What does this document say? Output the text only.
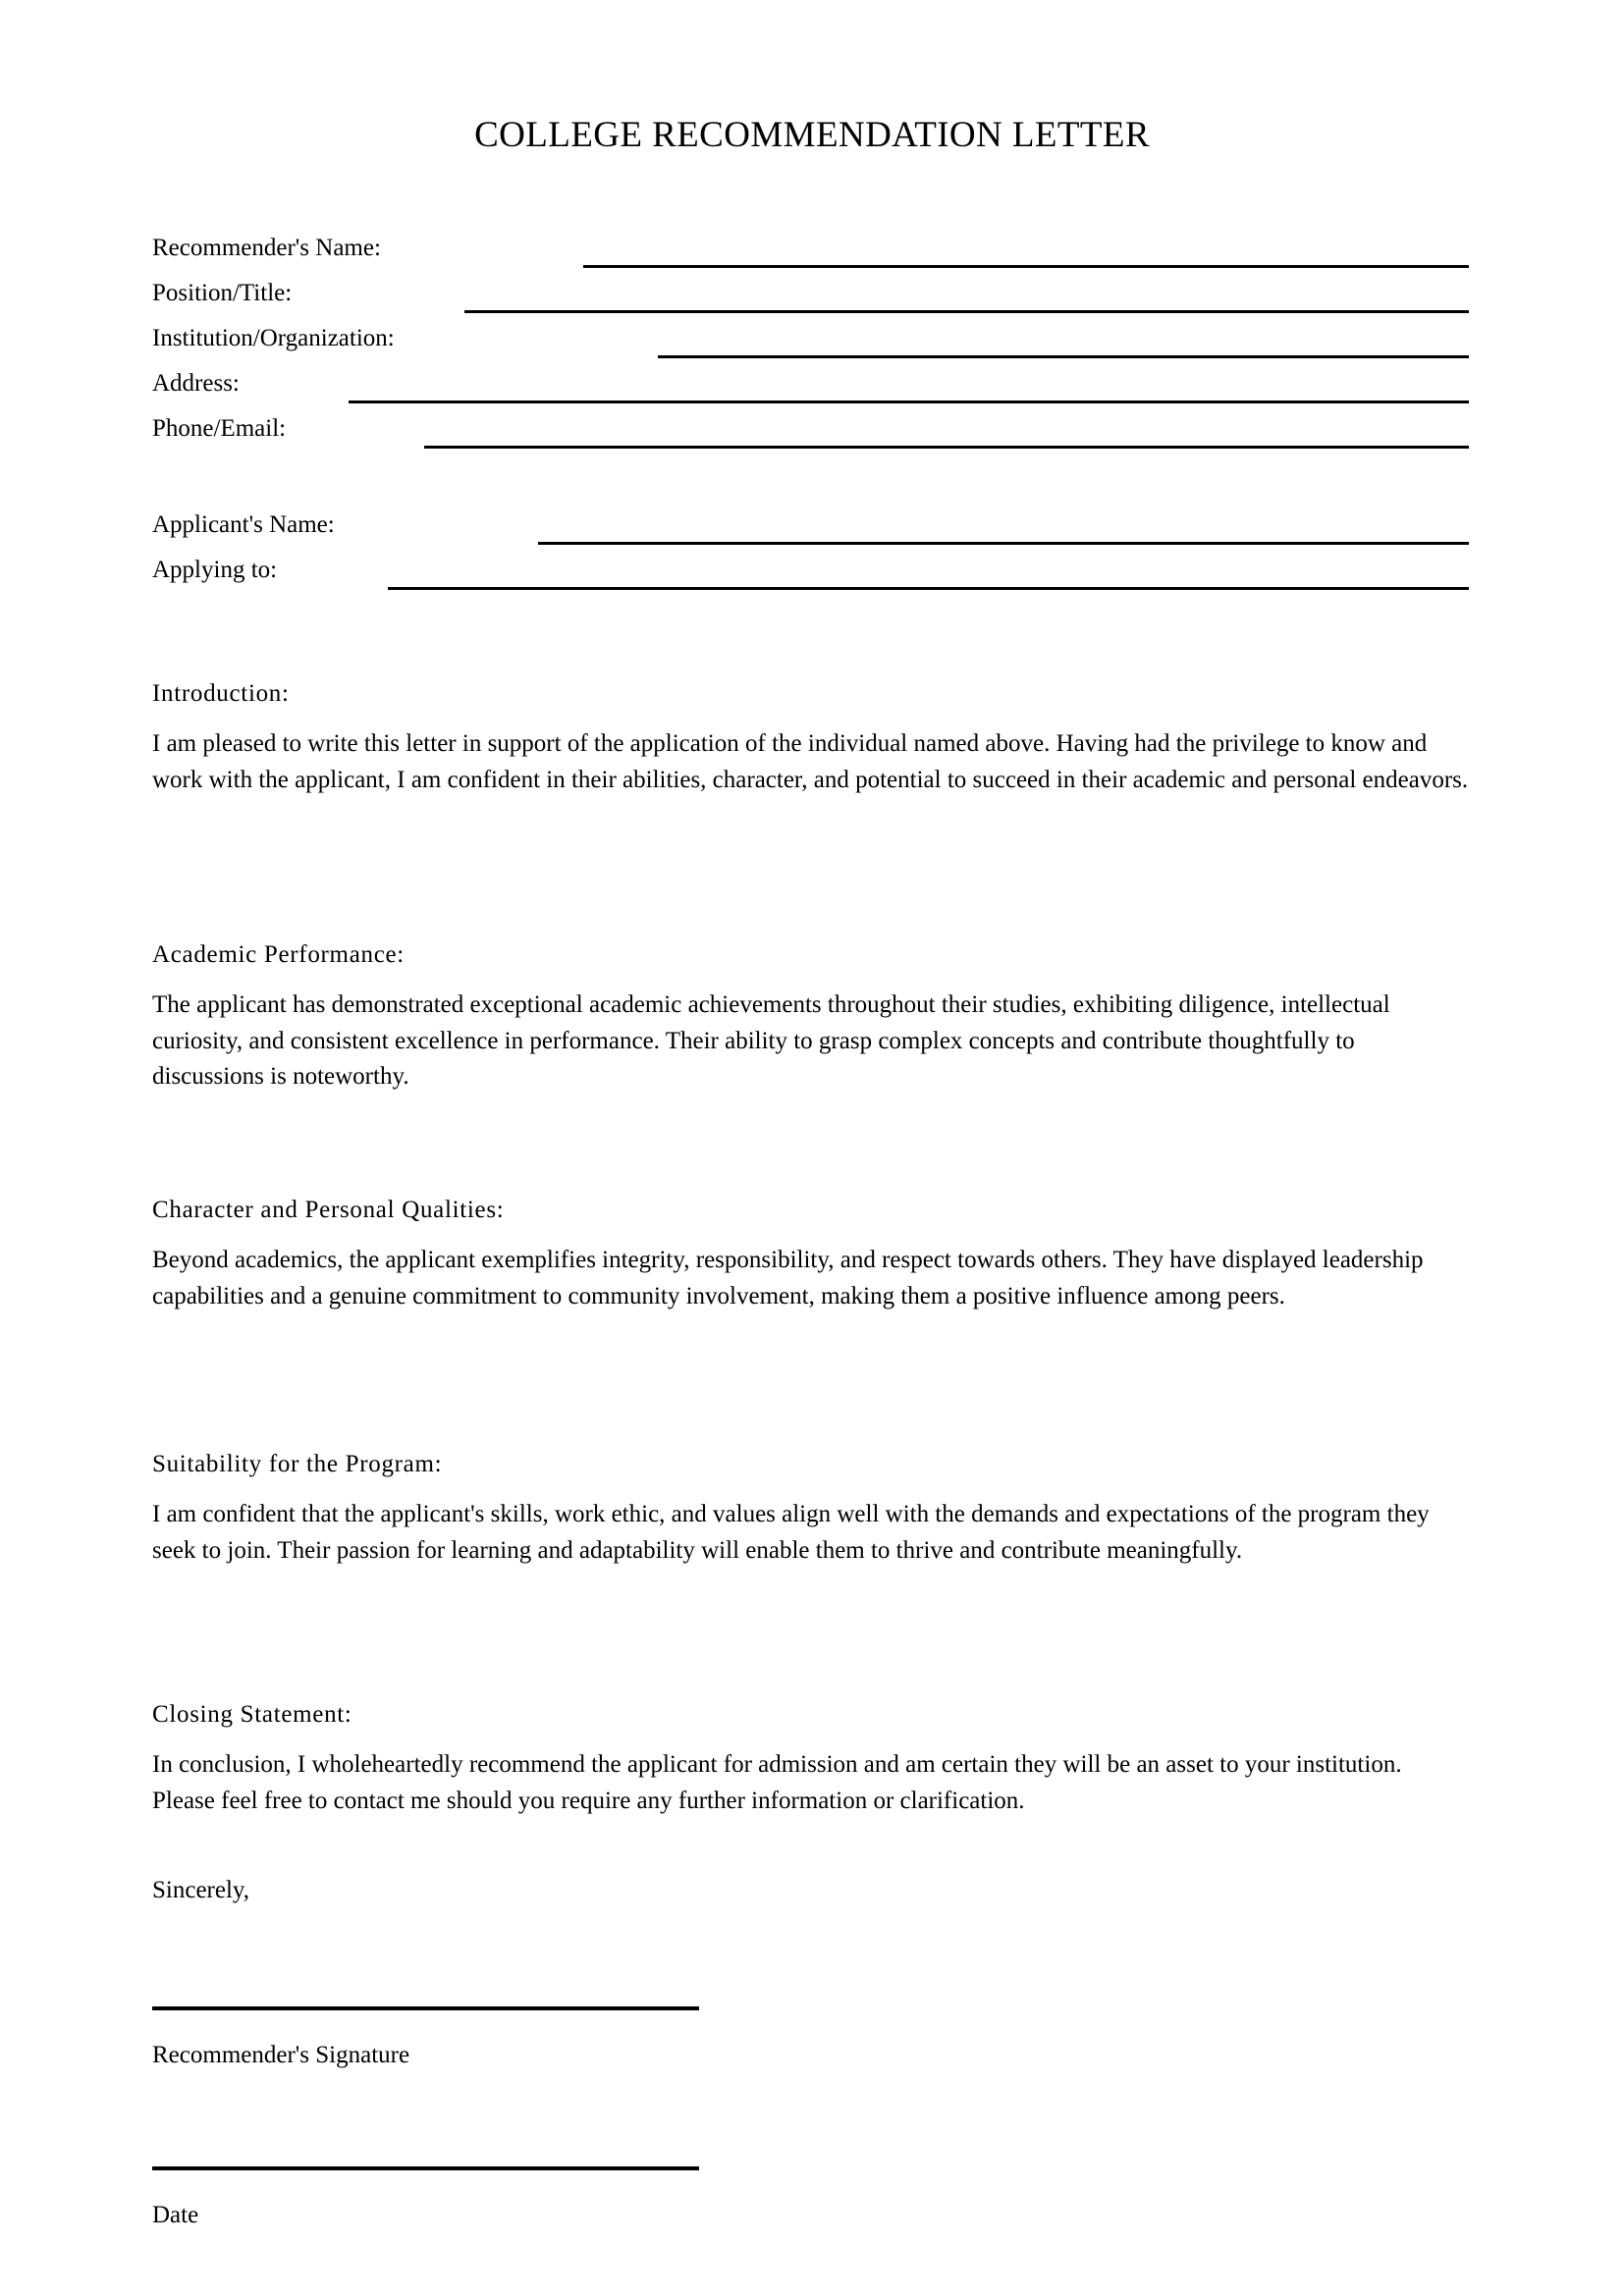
COLLEGE RECOMMENDATION LETTER
Recommender's Name:
Position/Title:
Institution/Organization:
Address:
Phone/Email:
Applicant's Name:
Applying to:
Introduction:

I am pleased to write this letter in support of the application of the individual named above. Having had the privilege to know and work with the applicant, I am confident in their abilities, character, and potential to succeed in their academic and personal endeavors.

Academic Performance:

The applicant has demonstrated exceptional academic achievements throughout their studies, exhibiting diligence, intellectual curiosity, and consistent excellence in performance. Their ability to grasp complex concepts and contribute thoughtfully to discussions is noteworthy.

Character and Personal Qualities:

Beyond academics, the applicant exemplifies integrity, responsibility, and respect towards others. They have displayed leadership capabilities and a genuine commitment to community involvement, making them a positive influence among peers.

Suitability for the Program:

I am confident that the applicant's skills, work ethic, and values align well with the demands and expectations of the program they seek to join. Their passion for learning and adaptability will enable them to thrive and contribute meaningfully.

Closing Statement:

In conclusion, I wholeheartedly recommend the applicant for admission and am certain they will be an asset to your institution. Please feel free to contact me should you require any further information or clarification.

Sincerely,
Recommender's Signature
Date
